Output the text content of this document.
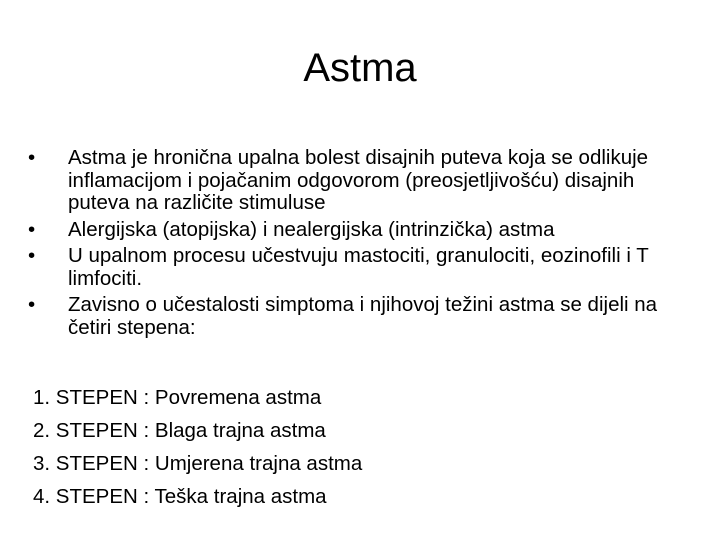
Astma
•	Astma je hronična upalna bolest disajnih puteva koja se odlikuje inflamacijom i pojačanim odgovorom (preosjetljivošću) disajnih puteva na različite stimuluse
•	Alergijska (atopijska) i nealergijska (intrinzička) astma
•	U upalnom procesu učestvuju mastociti, granulociti, eozinofili i T limfociti.
•	Zavisno o učestalosti simptoma i njihovoj težini astma se dijeli na četiri stepena:
1. STEPEN : Povremena astma
2. STEPEN : Blaga trajna astma
3. STEPEN : Umjerena trajna astma
4. STEPEN : Teška trajna astma
